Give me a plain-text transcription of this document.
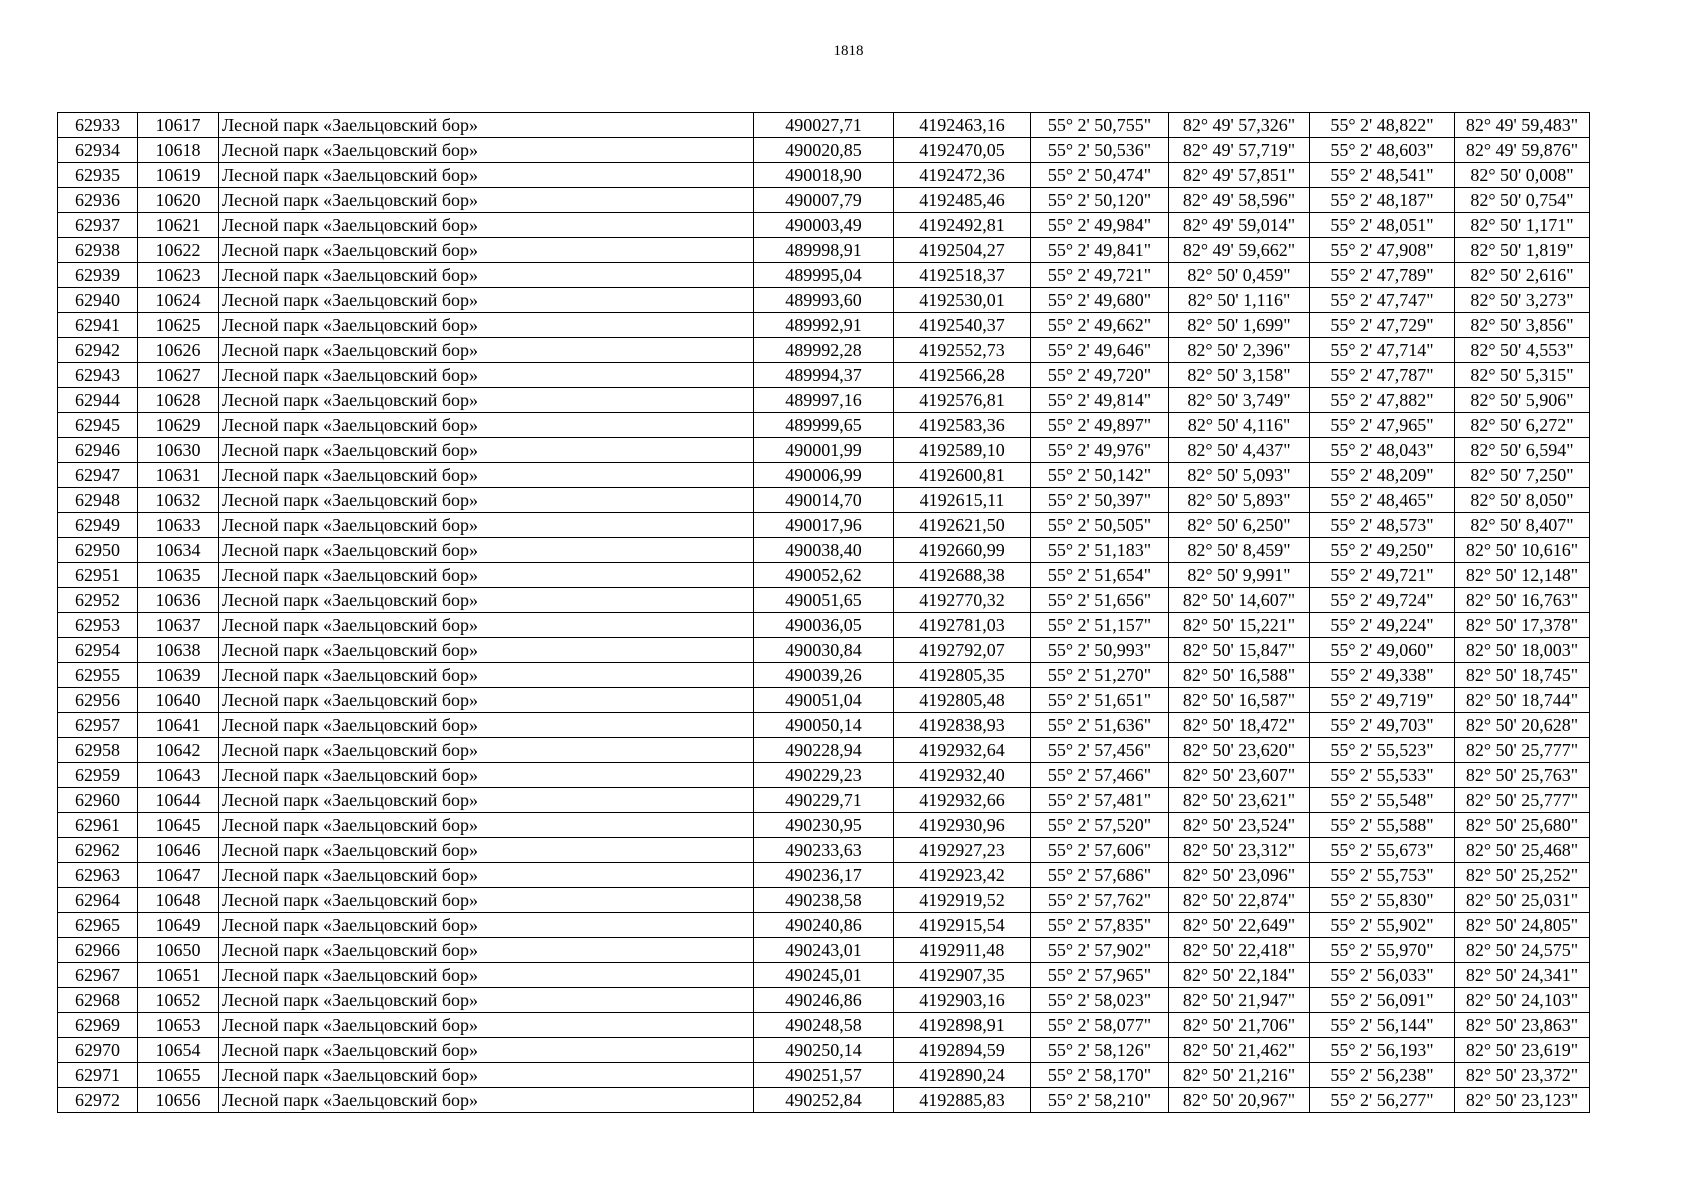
1818
62933	10617	Лесной парк «Заельцовский бор»	490027,71	4192463,16	55° 2' 50,755"	82° 49' 57,326"	55° 2' 48,822"	82° 49' 59,483"
62934	10618	Лесной парк «Заельцовский бор»	490020,85	4192470,05	55° 2' 50,536"	82° 49' 57,719"	55° 2' 48,603"	82° 49' 59,876"
62935	10619	Лесной парк «Заельцовский бор»	490018,90	4192472,36	55° 2' 50,474"	82° 49' 57,851"	55° 2' 48,541"	82° 50' 0,008"
62936	10620	Лесной парк «Заельцовский бор»	490007,79	4192485,46	55° 2' 50,120"	82° 49' 58,596"	55° 2' 48,187"	82° 50' 0,754"
62937	10621	Лесной парк «Заельцовский бор»	490003,49	4192492,81	55° 2' 49,984"	82° 49' 59,014"	55° 2' 48,051"	82° 50' 1,171"
62938	10622	Лесной парк «Заельцовский бор»	489998,91	4192504,27	55° 2' 49,841"	82° 49' 59,662"	55° 2' 47,908"	82° 50' 1,819"
62939	10623	Лесной парк «Заельцовский бор»	489995,04	4192518,37	55° 2' 49,721"	82° 50' 0,459"	55° 2' 47,789"	82° 50' 2,616"
62940	10624	Лесной парк «Заельцовский бор»	489993,60	4192530,01	55° 2' 49,680"	82° 50' 1,116"	55° 2' 47,747"	82° 50' 3,273"
62941	10625	Лесной парк «Заельцовский бор»	489992,91	4192540,37	55° 2' 49,662"	82° 50' 1,699"	55° 2' 47,729"	82° 50' 3,856"
62942	10626	Лесной парк «Заельцовский бор»	489992,28	4192552,73	55° 2' 49,646"	82° 50' 2,396"	55° 2' 47,714"	82° 50' 4,553"
62943	10627	Лесной парк «Заельцовский бор»	489994,37	4192566,28	55° 2' 49,720"	82° 50' 3,158"	55° 2' 47,787"	82° 50' 5,315"
62944	10628	Лесной парк «Заельцовский бор»	489997,16	4192576,81	55° 2' 49,814"	82° 50' 3,749"	55° 2' 47,882"	82° 50' 5,906"
62945	10629	Лесной парк «Заельцовский бор»	489999,65	4192583,36	55° 2' 49,897"	82° 50' 4,116"	55° 2' 47,965"	82° 50' 6,272"
62946	10630	Лесной парк «Заельцовский бор»	490001,99	4192589,10	55° 2' 49,976"	82° 50' 4,437"	55° 2' 48,043"	82° 50' 6,594"
62947	10631	Лесной парк «Заельцовский бор»	490006,99	4192600,81	55° 2' 50,142"	82° 50' 5,093"	55° 2' 48,209"	82° 50' 7,250"
62948	10632	Лесной парк «Заельцовский бор»	490014,70	4192615,11	55° 2' 50,397"	82° 50' 5,893"	55° 2' 48,465"	82° 50' 8,050"
62949	10633	Лесной парк «Заельцовский бор»	490017,96	4192621,50	55° 2' 50,505"	82° 50' 6,250"	55° 2' 48,573"	82° 50' 8,407"
62950	10634	Лесной парк «Заельцовский бор»	490038,40	4192660,99	55° 2' 51,183"	82° 50' 8,459"	55° 2' 49,250"	82° 50' 10,616"
62951	10635	Лесной парк «Заельцовский бор»	490052,62	4192688,38	55° 2' 51,654"	82° 50' 9,991"	55° 2' 49,721"	82° 50' 12,148"
62952	10636	Лесной парк «Заельцовский бор»	490051,65	4192770,32	55° 2' 51,656"	82° 50' 14,607"	55° 2' 49,724"	82° 50' 16,763"
62953	10637	Лесной парк «Заельцовский бор»	490036,05	4192781,03	55° 2' 51,157"	82° 50' 15,221"	55° 2' 49,224"	82° 50' 17,378"
62954	10638	Лесной парк «Заельцовский бор»	490030,84	4192792,07	55° 2' 50,993"	82° 50' 15,847"	55° 2' 49,060"	82° 50' 18,003"
62955	10639	Лесной парк «Заельцовский бор»	490039,26	4192805,35	55° 2' 51,270"	82° 50' 16,588"	55° 2' 49,338"	82° 50' 18,745"
62956	10640	Лесной парк «Заельцовский бор»	490051,04	4192805,48	55° 2' 51,651"	82° 50' 16,587"	55° 2' 49,719"	82° 50' 18,744"
62957	10641	Лесной парк «Заельцовский бор»	490050,14	4192838,93	55° 2' 51,636"	82° 50' 18,472"	55° 2' 49,703"	82° 50' 20,628"
62958	10642	Лесной парк «Заельцовский бор»	490228,94	4192932,64	55° 2' 57,456"	82° 50' 23,620"	55° 2' 55,523"	82° 50' 25,777"
62959	10643	Лесной парк «Заельцовский бор»	490229,23	4192932,40	55° 2' 57,466"	82° 50' 23,607"	55° 2' 55,533"	82° 50' 25,763"
62960	10644	Лесной парк «Заельцовский бор»	490229,71	4192932,66	55° 2' 57,481"	82° 50' 23,621"	55° 2' 55,548"	82° 50' 25,777"
62961	10645	Лесной парк «Заельцовский бор»	490230,95	4192930,96	55° 2' 57,520"	82° 50' 23,524"	55° 2' 55,588"	82° 50' 25,680"
62962	10646	Лесной парк «Заельцовский бор»	490233,63	4192927,23	55° 2' 57,606"	82° 50' 23,312"	55° 2' 55,673"	82° 50' 25,468"
62963	10647	Лесной парк «Заельцовский бор»	490236,17	4192923,42	55° 2' 57,686"	82° 50' 23,096"	55° 2' 55,753"	82° 50' 25,252"
62964	10648	Лесной парк «Заельцовский бор»	490238,58	4192919,52	55° 2' 57,762"	82° 50' 22,874"	55° 2' 55,830"	82° 50' 25,031"
62965	10649	Лесной парк «Заельцовский бор»	490240,86	4192915,54	55° 2' 57,835"	82° 50' 22,649"	55° 2' 55,902"	82° 50' 24,805"
62966	10650	Лесной парк «Заельцовский бор»	490243,01	4192911,48	55° 2' 57,902"	82° 50' 22,418"	55° 2' 55,970"	82° 50' 24,575"
62967	10651	Лесной парк «Заельцовский бор»	490245,01	4192907,35	55° 2' 57,965"	82° 50' 22,184"	55° 2' 56,033"	82° 50' 24,341"
62968	10652	Лесной парк «Заельцовский бор»	490246,86	4192903,16	55° 2' 58,023"	82° 50' 21,947"	55° 2' 56,091"	82° 50' 24,103"
62969	10653	Лесной парк «Заельцовский бор»	490248,58	4192898,91	55° 2' 58,077"	82° 50' 21,706"	55° 2' 56,144"	82° 50' 23,863"
62970	10654	Лесной парк «Заельцовский бор»	490250,14	4192894,59	55° 2' 58,126"	82° 50' 21,462"	55° 2' 56,193"	82° 50' 23,619"
62971	10655	Лесной парк «Заельцовский бор»	490251,57	4192890,24	55° 2' 58,170"	82° 50' 21,216"	55° 2' 56,238"	82° 50' 23,372"
62972	10656	Лесной парк «Заельцовский бор»	490252,84	4192885,83	55° 2' 58,210"	82° 50' 20,967"	55° 2' 56,277"	82° 50' 23,123"
